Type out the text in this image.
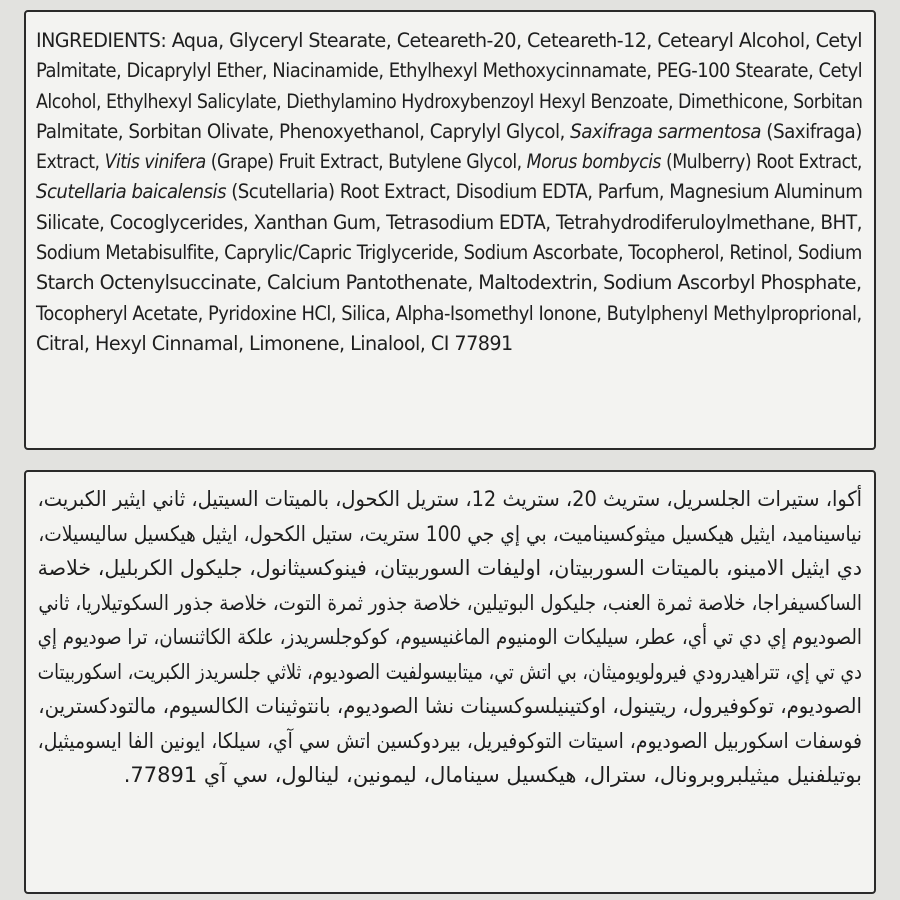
INGREDIENTS: Aqua, Glyceryl Stearate, Ceteareth-20, Ceteareth-12, Cetearyl Alcohol, Cetyl
Palmitate, Dicaprylyl Ether, Niacinamide, Ethylhexyl Methoxycinnamate, PEG-100 Stearate, Cetyl
Alcohol, Ethylhexyl Salicylate, Diethylamino Hydroxybenzoyl Hexyl Benzoate, Dimethicone, Sorbitan
Palmitate, Sorbitan Olivate, Phenoxyethanol, Caprylyl Glycol, Saxifraga sarmentosa (Saxifraga)
Extract, Vitis vinifera (Grape) Fruit Extract, Butylene Glycol, Morus bombycis (Mulberry) Root Extract,
Scutellaria baicalensis (Scutellaria) Root Extract, Disodium EDTA, Parfum, Magnesium Aluminum
Silicate, Cocoglycerides, Xanthan Gum, Tetrasodium EDTA, Tetrahydrodiferuloylmethane, BHT,
Sodium Metabisulfite, Caprylic/Capric Triglyceride, Sodium Ascorbate, Tocopherol, Retinol, Sodium
Starch Octenylsuccinate, Calcium Pantothenate, Maltodextrin, Sodium Ascorbyl Phosphate,
Tocopheryl Acetate, Pyridoxine HCl, Silica, Alpha-Isomethyl Ionone, Butylphenyl Methylproprional,
Citral, Hexyl Cinnamal, Limonene, Linalool, CI 77891
أكوا، ستيرات الجلسريل، ستريث 20، ستريث 12، ستريل الكحول، بالميتات السيتيل، ثاني ايثير الكبريت،
نياسيناميد، ايثيل هيكسيل ميثوكسيناميت، بي إي جي 100 ستريت، ستيل الكحول، ايثيل هيكسيل ساليسيلات،
دي ايثيل الامينو، بالميتات السوربيتان، اوليفات السوربيتان، فينوكسيثانول، جليكول الكربليل، خلاصة
الساكسيفراجا، خلاصة ثمرة العنب، جليكول البوتيلين، خلاصة جذور ثمرة التوت، خلاصة جذور السكوتيلاريا، ثاني
الصوديوم إي دي تي أي، عطر، سيليكات الومنيوم الماغنيسيوم، كوكوجلسريدز، علكة الكاثنسان، ترا صوديوم إي
دي تي إي، تتراهيدرودي فيرولويوميثان، بي اتش تي، ميتابيسولفيت الصوديوم، ثلاثي جلسريدز الكبريت، اسكوربيتات
الصوديوم، توكوفيرول، ريتينول، اوكتينيلسوكسينات نشا الصوديوم، بانتوثينات الكالسيوم، مالتودكسترين،
فوسفات اسكوربيل الصوديوم، اسيتات التوكوفيريل، بيردوكسين اتش سي آي، سيلكا، ايونين الفا ايسوميثيل،
بوتيلفنيل ميثيلبروبرونال، سترال، هيكسيل سينامال، ليمونين، لينالول، سي آي 77891.
